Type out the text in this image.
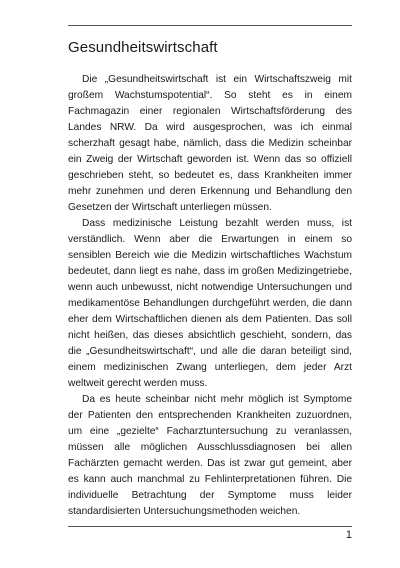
Gesundheitswirtschaft

Die „Gesundheitswirtschaft ist ein Wirtschaftszweig mit großem Wachstumspotential“. So steht es in einem Fachmagazin einer regionalen Wirtschaftsförderung des Landes NRW. Da wird ausgesprochen, was ich einmal scherzhaft gesagt habe, nämlich, dass die Medizin scheinbar ein Zweig der Wirtschaft geworden ist. Wenn das so offiziell geschrieben steht, so bedeutet es, dass Krankheiten immer mehr zunehmen und deren Erkennung und Behandlung den Gesetzen der Wirtschaft unterliegen müssen.

Dass medizinische Leistung bezahlt werden muss, ist verständlich. Wenn aber die Erwartungen in einem so sensiblen Bereich wie die Medizin wirtschaftliches Wachstum bedeutet, dann liegt es nahe, dass im großen Medizingetriebe, wenn auch unbewusst, nicht notwendige Untersuchungen und medikamentöse Behandlungen durchgeführt werden, die dann eher dem Wirtschaftlichen dienen als dem Patienten. Das soll nicht heißen, das dieses absichtlich geschieht, sondern, das die „Gesundheitswirtschaft“, und alle die daran beteiligt sind, einem medizinischen Zwang unterliegen, dem jeder Arzt weltweit gerecht werden muss.

Da es heute scheinbar nicht mehr möglich ist Symptome der Patienten den entsprechenden Krankheiten zuzuordnen, um eine „gezielte“ Facharztuntersuchung zu veranlassen, müssen alle möglichen Ausschlussdiagnosen bei allen Fachärzten gemacht werden. Das ist zwar gut gemeint, aber es kann auch manchmal zu Fehlinterpretationen führen. Die individuelle Betrachtung der Symptome muss leider standardisierten Untersuchungsmethoden weichen.

1
